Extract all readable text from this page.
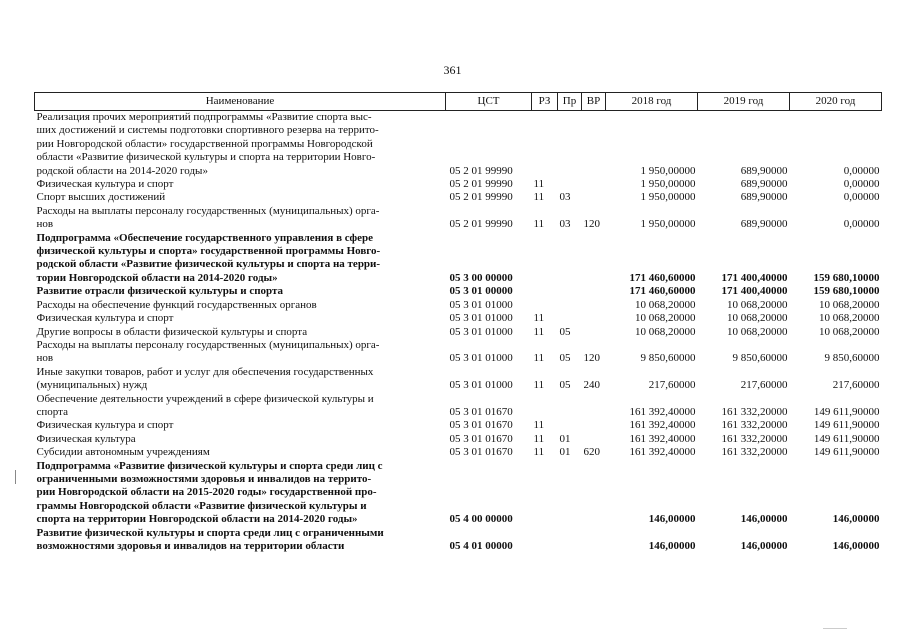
361
Наименование	ЦСТ	РЗ	Пр	ВР	2018 год	2019 год	2020 год

Реализация прочих мероприятий подпрограммы «Развитие спорта выс-
ших достижений и системы подготовки спортивного резерва на террито-
рии Новгородской области» государственной программы Новгородской
области «Развитие физической культуры и спорта на территории Новго-
родской области на 2014-2020 годы»	05 2 01 99990				1 950,00000	689,90000	0,00000

Физическая культура и спорт	05 2 01 99990	11			1 950,00000	689,90000	0,00000

Спорт высших достижений	05 2 01 99990	11	03		1 950,00000	689,90000	0,00000

Расходы на выплаты персоналу государственных (муниципальных) орга-
нов	05 2 01 99990	11	03	120	1 950,00000	689,90000	0,00000

Подпрограмма «Обеспечение государственного управления в сфере
физической культуры и спорта» государственной программы Новго-
родской области «Развитие физической культуры и спорта на терри-
тории Новгородской области на 2014-2020 годы»	05 3 00 00000				171 460,60000	171 400,40000	159 680,10000

Развитие отрасли физической культуры и спорта	05 3 01 00000				171 460,60000	171 400,40000	159 680,10000

Расходы на обеспечение функций государственных органов	05 3 01 01000				10 068,20000	10 068,20000	10 068,20000

Физическая культура и спорт	05 3 01 01000	11			10 068,20000	10 068,20000	10 068,20000

Другие вопросы в области физической культуры и спорта	05 3 01 01000	11	05		10 068,20000	10 068,20000	10 068,20000

Расходы на выплаты персоналу государственных (муниципальных) орга-
нов	05 3 01 01000	11	05	120	9 850,60000	9 850,60000	9 850,60000

Иные закупки товаров, работ и услуг для обеспечения государственных
(муниципальных) нужд	05 3 01 01000	11	05	240	217,60000	217,60000	217,60000

Обеспечение деятельности учреждений в сфере физической культуры и
спорта	05 3 01 01670				161 392,40000	161 332,20000	149 611,90000

Физическая культура и спорт	05 3 01 01670	11			161 392,40000	161 332,20000	149 611,90000

Физическая культура	05 3 01 01670	11	01		161 392,40000	161 332,20000	149 611,90000

Субсидии автономным учреждениям	05 3 01 01670	11	01	620	161 392,40000	161 332,20000	149 611,90000

Подпрограмма «Развитие физической культуры и спорта среди лиц с
ограниченными возможностями здоровья и инвалидов на террито-
рии Новгородской области на 2015-2020 годы» государственной про-
граммы Новгородской области «Развитие физической культуры и
спорта на территории Новгородской области на 2014-2020 годы»	05 4 00 00000				146,00000	146,00000	146,00000

Развитие физической культуры и спорта среди лиц с ограниченными
возможностями здоровья и инвалидов на территории области	05 4 01 00000				146,00000	146,00000	146,00000
